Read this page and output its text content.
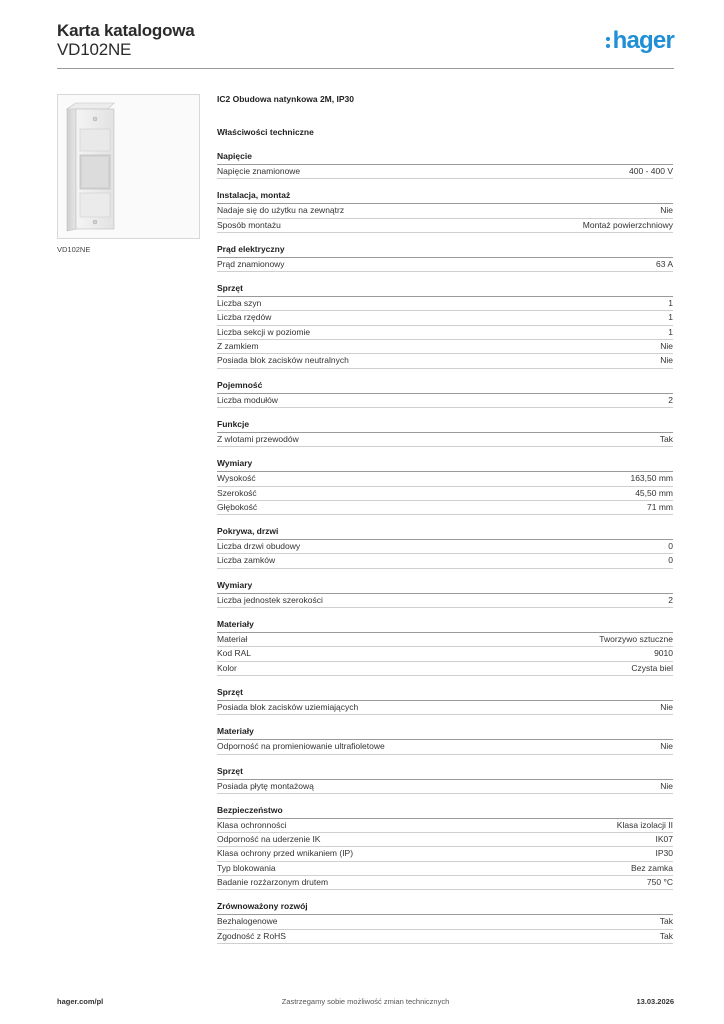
Karta katalogowa
VD102NE	hager
VD102NE
IC2 Obudowa natynkowa 2M, IP30
Właściwości techniczne
Napięcie
Napięcie znamionowe	400 - 400 V
Instalacja, montaż
Nadaje się do użytku na zewnątrz	Nie
Sposób montażu	Montaż powierzchniowy
Prąd elektryczny
Prąd znamionowy	63 A
Sprzęt
Liczba szyn	1
Liczba rzędów	1
Liczba sekcji w poziomie	1
Z zamkiem	Nie
Posiada blok zacisków neutralnych	Nie
Pojemność
Liczba modułów	2
Funkcje
Z wlotami przewodów	Tak
Wymiary
Wysokość	163,50 mm
Szerokość	45,50 mm
Głębokość	71 mm
Pokrywa, drzwi
Liczba drzwi obudowy	0
Liczba zamków	0
Wymiary
Liczba jednostek szerokości	2
Materiały
Materiał	Tworzywo sztuczne
Kod RAL	9010
Kolor	Czysta biel
Sprzęt
Posiada blok zacisków uziemiających	Nie
Materiały
Odporność na promieniowanie ultrafioletowe	Nie
Sprzęt
Posiada płytę montażową	Nie
Bezpieczeństwo
Klasa ochronności	Klasa izolacji II
Odporność na uderzenie IK	IK07
Klasa ochrony przed wnikaniem (IP)	IP30
Typ blokowania	Bez zamka
Badanie rozżarzonym drutem	750 °C
Zrównoważony rozwój
Bezhalogenowe	Tak
Zgodność z RoHS	Tak
hager.com/pl	Zastrzegamy sobie możliwość zmian technicznych	13.03.2026
